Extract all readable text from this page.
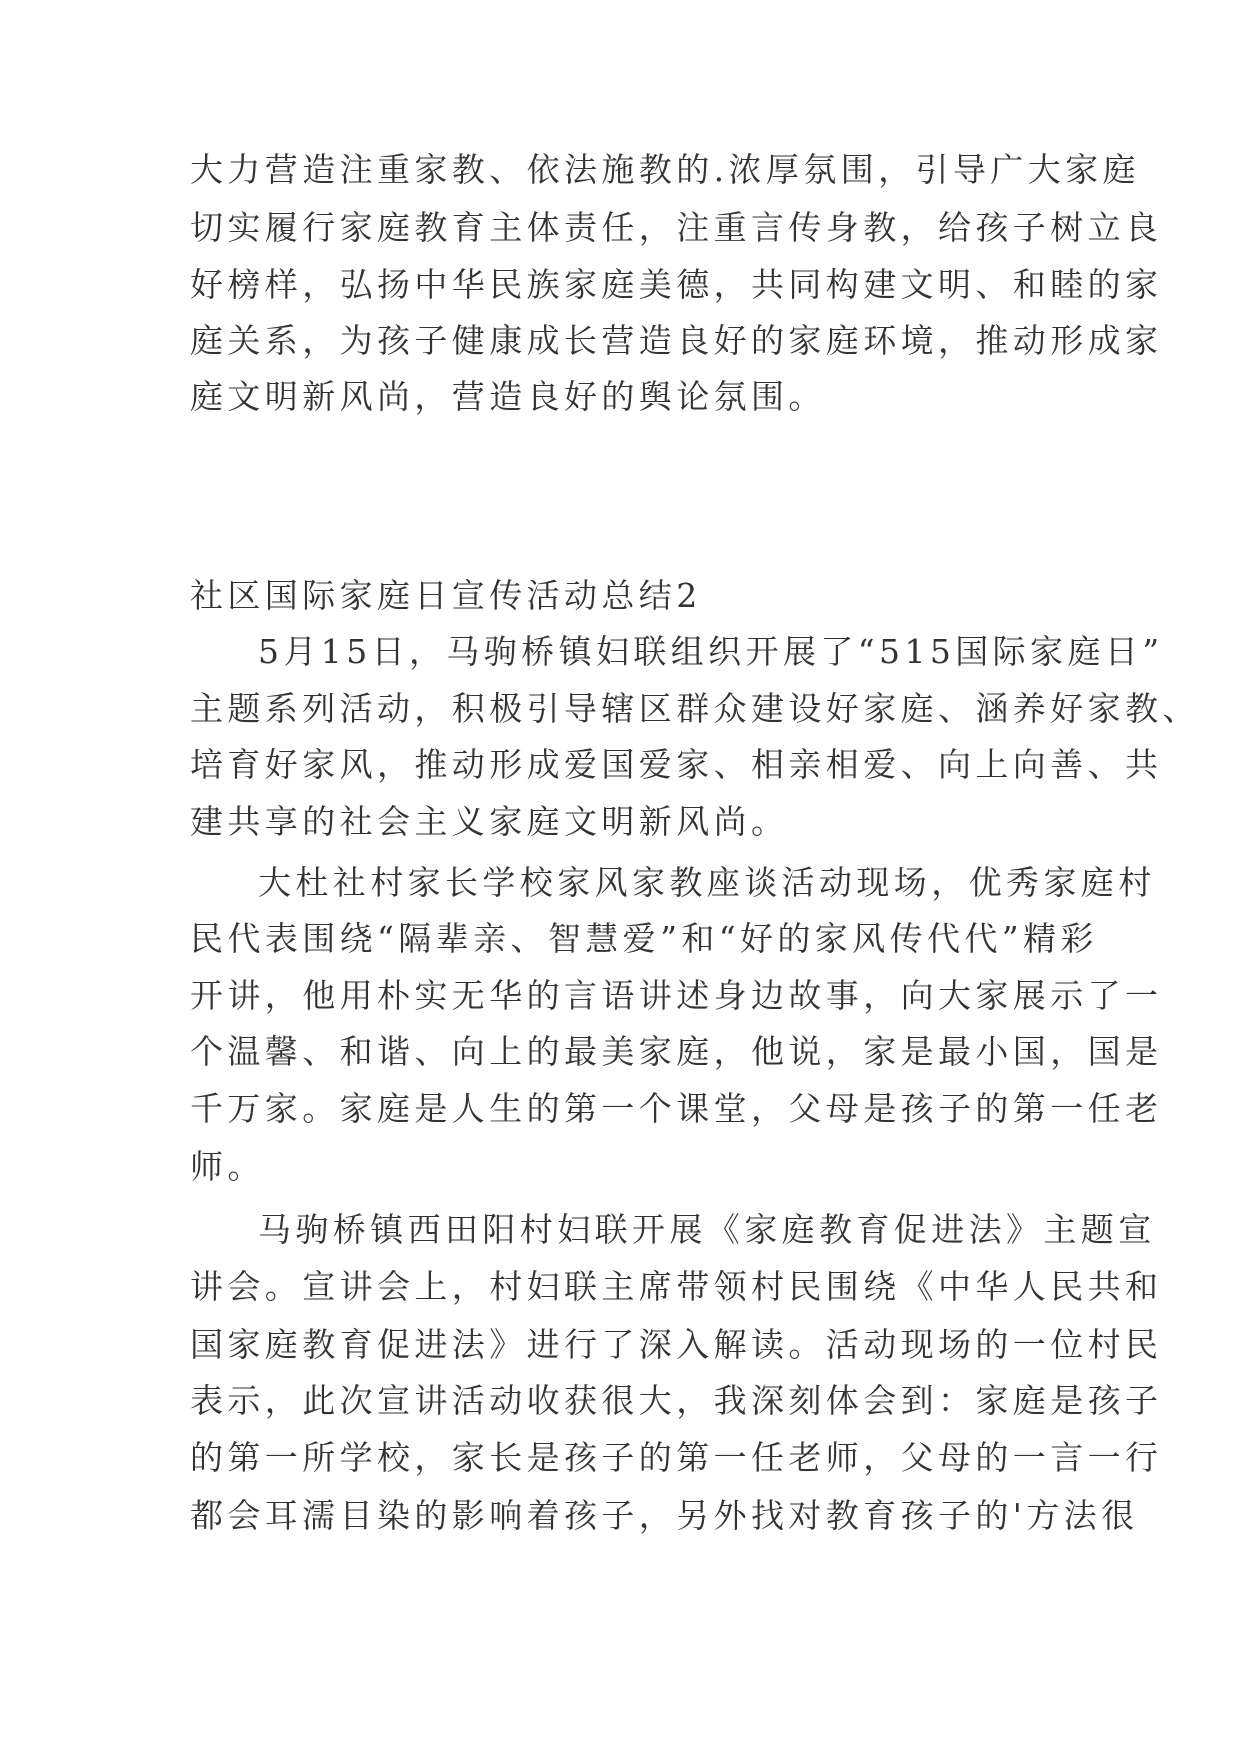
大力营造注重家教、依法施教的.浓厚氛围，引导广大家庭
切实履行家庭教育主体责任，注重言传身教，给孩子树立良
好榜样，弘扬中华民族家庭美德，共同构建文明、和睦的家
庭关系，为孩子健康成长营造良好的家庭环境，推动形成家
庭文明新风尚，营造良好的舆论氛围。
社区国际家庭日宣传活动总结2
5月15日，马驹桥镇妇联组织开展了“515国际家庭日”
主题系列活动，积极引导辖区群众建设好家庭、涵养好家教、
培育好家风，推动形成爱国爱家、相亲相爱、向上向善、共
建共享的社会主义家庭文明新风尚。
大杜社村家长学校家风家教座谈活动现场，优秀家庭村
民代表围绕“隔辈亲、智慧爱”和“好的家风传代代”精彩
开讲，他用朴实无华的言语讲述身边故事，向大家展示了一
个温馨、和谐、向上的最美家庭，他说，家是最小国，国是
千万家。家庭是人生的第一个课堂，父母是孩子的第一任老
师。
马驹桥镇西田阳村妇联开展《家庭教育促进法》主题宣
讲会。宣讲会上，村妇联主席带领村民围绕《中华人民共和
国家庭教育促进法》进行了深入解读。活动现场的一位村民
表示，此次宣讲活动收获很大，我深刻体会到：家庭是孩子
的第一所学校，家长是孩子的第一任老师，父母的一言一行
都会耳濡目染的影响着孩子，另外找对教育孩子的'方法很
